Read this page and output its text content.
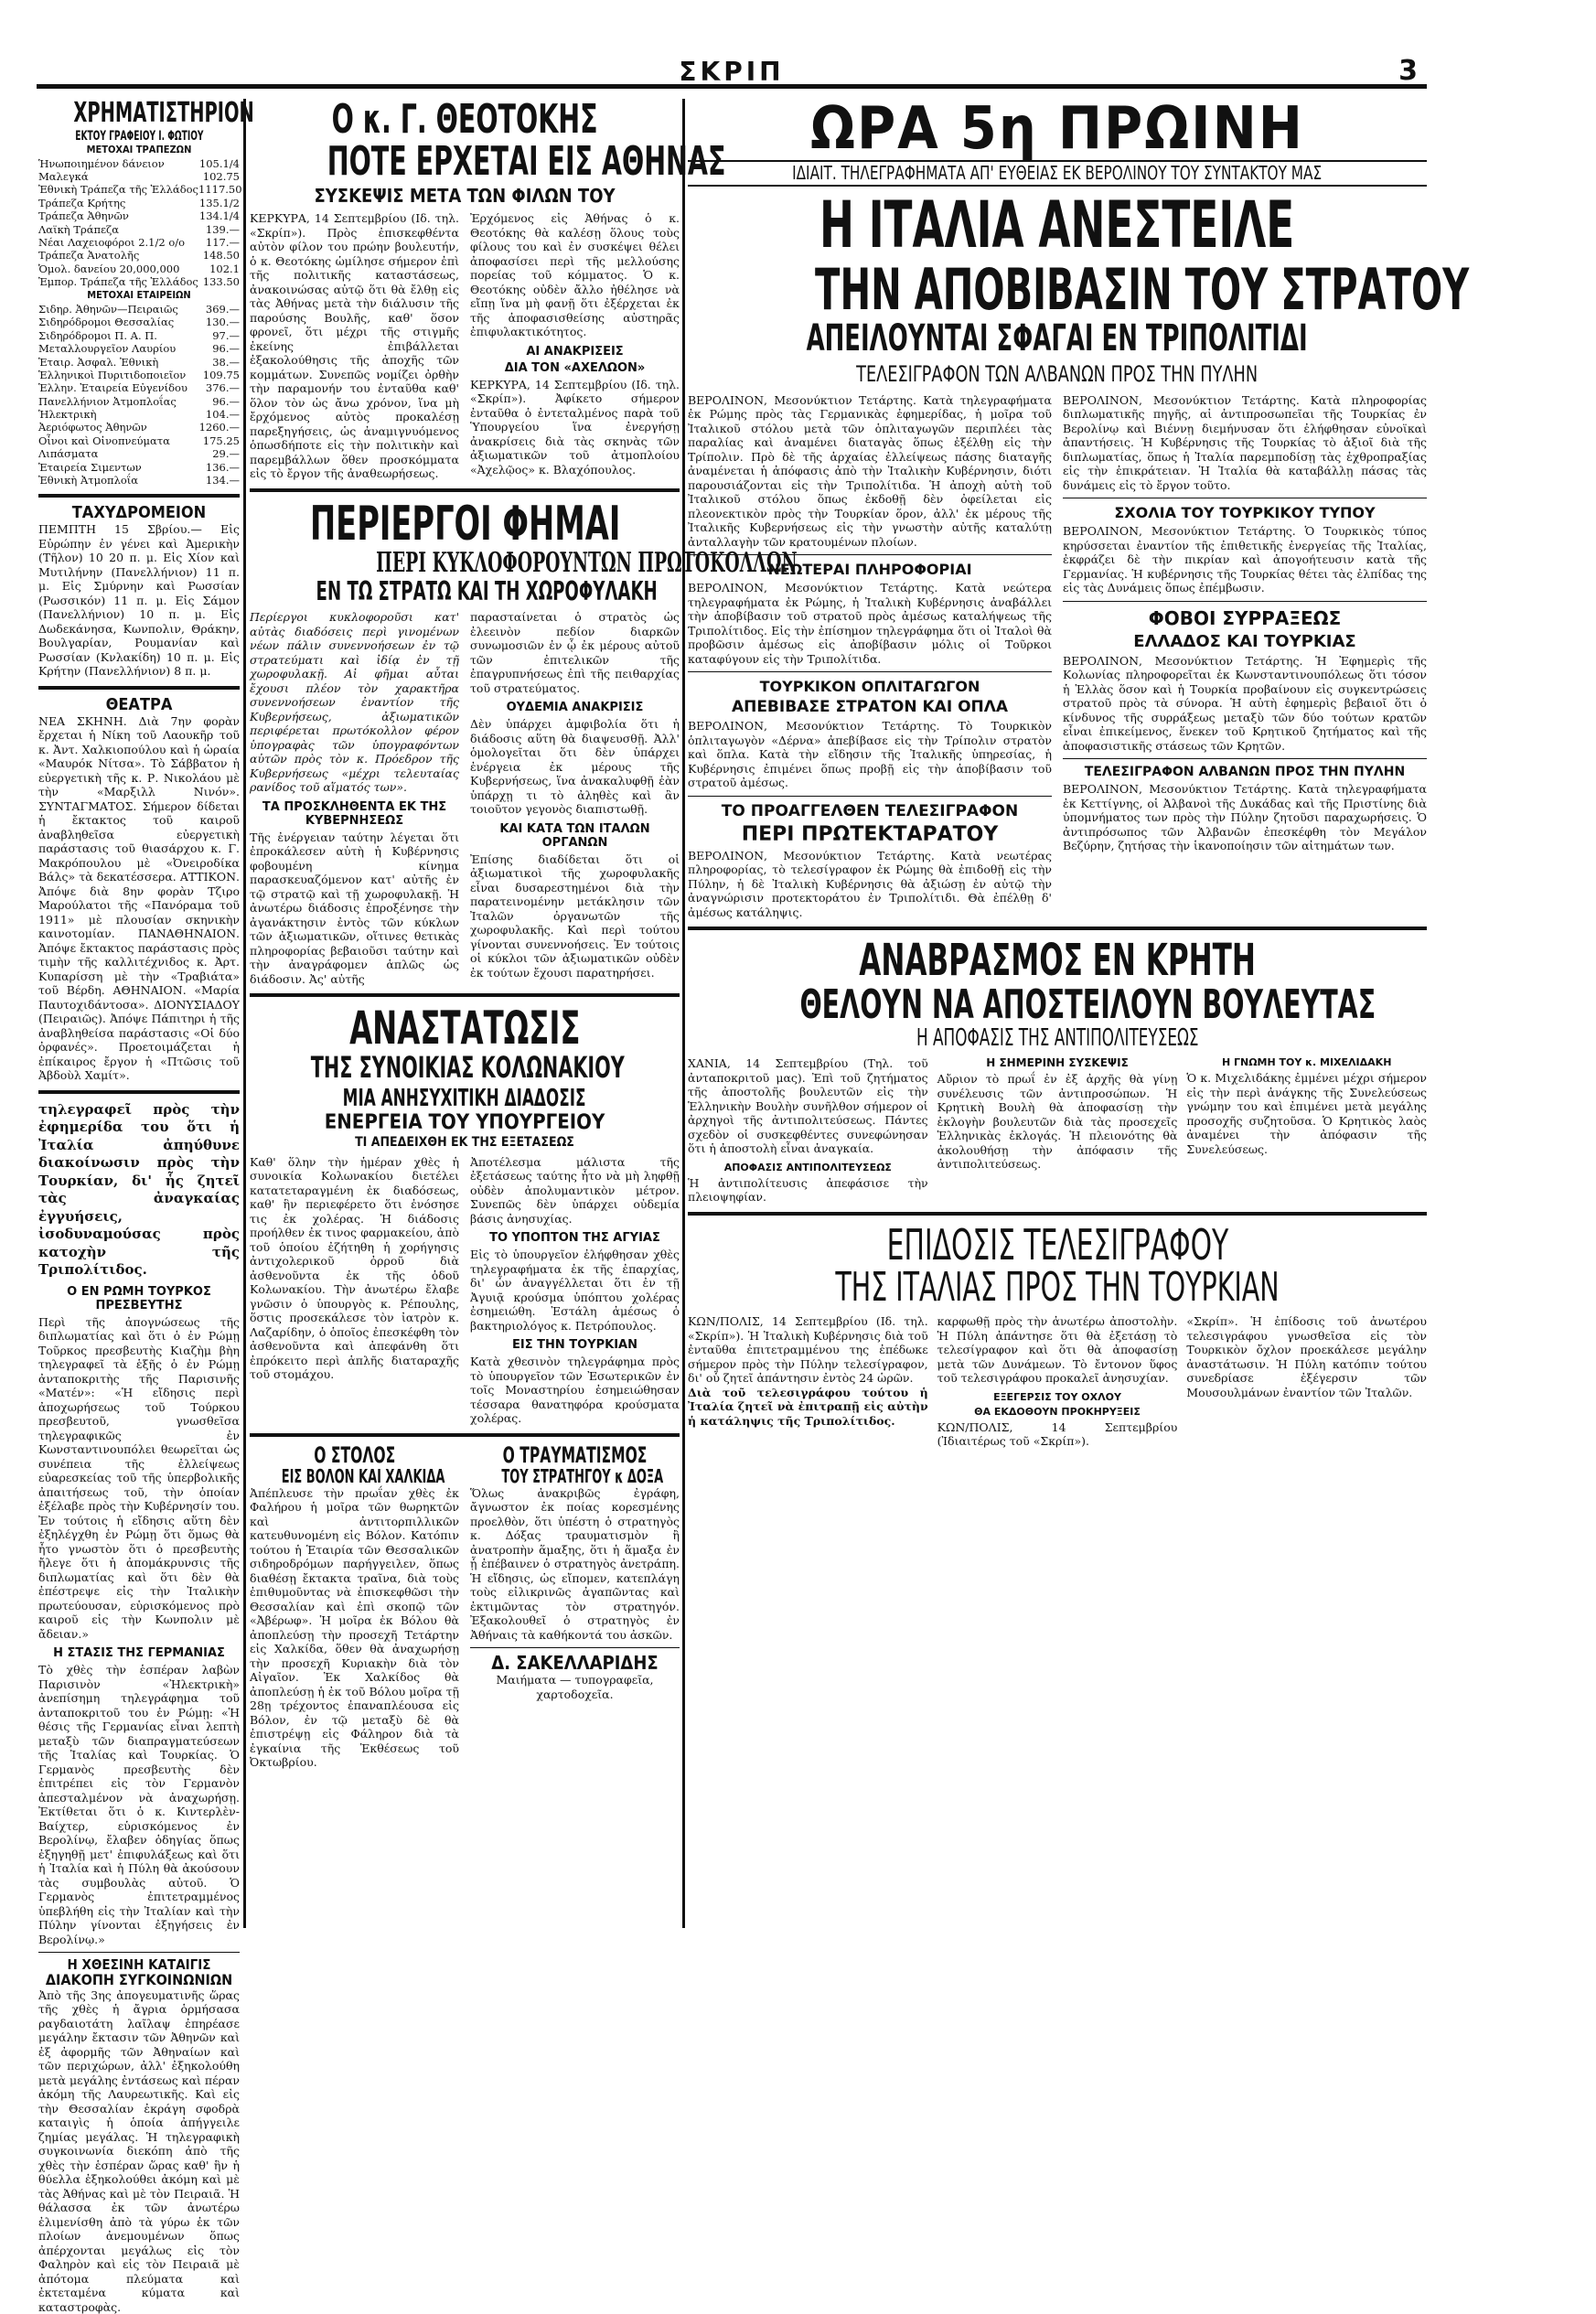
ΣΚΡΙΠ	3
ΧΡΗΜΑΤΙΣΤΗΡΙΟΝ
ΕΚΤΟΥ ΓΡΑΦΕΙΟΥ Ι. ΦΩΤΙΟΥ
ΜΕΤΟΧΑΙ ΤΡΑΠΕΖΩΝ
Ἡνωποιημένον δάνειον	105.1/4
Μαλεγκά	102.75
Ἐθνικὴ Τράπεζα τῆς Ἑλλάδος 1117.50
Τράπεζα Κρήτης	135.1/2
Τράπεζα Ἀθηνῶν	134.1/4
Λαϊκὴ Τράπεζα	139.—
Νέαι Λαχειοφόροι 2.1/2 o/o 117.—
Τράπεζα Ἀνατολῆς	148.50
Ὁμολ. δανείου 20,000,000	102.1
Ἐμπορ. Τράπεζα τῆς Ἑλλάδος 133.50
ΜΕΤΟΧΑΙ ΕΤΑΙΡΕΙΩΝ
Σιδηρ. Ἀθηνῶν—Πειραιῶς	369.—
Σιδηρόδρομοι Θεσσαλίας	130.—
Σιδηρόδρομοι Π. Α. Π.	97.—
Μεταλλουργεῖον Λαυρίου	96.—
Ἑταιρ. Ἀσφαλ. Ἐθνικὴ	38.—
Ἑλληνικοὶ Πυριτιδοποιεῖον 109.75
Ἑλλην. Ἑταιρεία Εὐγενίδου 376.—
Πανελλήνιον Ἀτμοπλοΐας	96.—
Ἡλεκτρικὴ	104.—
Ἀεριόφωτος Ἀθηνῶν	1260.—
Οἶνοι καὶ Οἰνοπνεύματα	175.25
Λιπάσματα	29.—
Ἑταιρεία Σιμεντων	136.—
Ἐθνικὴ Ἀτμοπλοΐα	134.—
ΤΑΧΥΔΡΟΜΕΙΟΝ

ΠΕΜΠΤΗ 15 Σβρίου.— Εἰς Εὐρώπην ἐν γένει καὶ Ἀμερικὴν (Τῆλον) 10 20 π. μ. Εἰς Χίον καὶ Μυτιλήνην (Πανελλήνιον) 11 π. μ. Εἰς Σμύρνην καὶ Ρωσσίαν (Ρωσσικόν) 11 π. μ. Εἰς Σάμον (Πανελλήνιον) 10 π. μ. Εἰς Δωδεκάνησα, Κωνπολιν, Θράκην, Βουλγαρίαν, Ρουμανίαν καὶ Ρωσσίαν (Κνλακίδη) 10 π. μ. Εἰς Κρήτην (Πανελλήνιον) 8 π. μ.

ΘΕΑΤΡΑ

ΝΕΑ ΣΚΗΝΗ. Διὰ 7ην φορὰν ἔρχεται ἡ Νίκη τοῦ Λαουκῆρ τοῦ κ. Ἀντ. Χαλκιοπούλου καὶ ἡ ὡραία «Μαυρόκ Νίτσα». Τὸ Σάββατον ἡ εὐεργετικὴ τῆς κ. Ρ. Νικολάου μὲ τὴν «Μαρξιλλ Νινόν». ΣΥΝΤΑΓΜΑΤΟΣ. Σήμερον δίδεται ἡ ἔκτακτος τοῦ καιροῦ ἀναβληθεῖσα εὐεργετικὴ παράστασις τοῦ θιασάρχου κ. Γ. Μακρόπουλου μὲ «Ὀνειροδίκα Βάλς» τὰ δεκατέσσερα. ΑΤΤΙΚΟΝ. Ἀπόψε διὰ 8ην φορὰν Τζιρο Μαρούλατοι τῆς «Πανόραμα τοῦ 1911» μὲ πλουσίαν σκηνικὴν καινοτομίαν. ΠΑΝΑΘΗΝΑΙΟΝ. Ἀπόψε ἔκτακτος παράστασις πρὸς τιμὴν τῆς καλλιτέχνιδος κ. Ἀρτ. Κυπαρίσση μὲ τὴν «Τραβιάτα» τοῦ Βέρδη. ΑΘΗΝΑΙΟΝ. «Μαρία Παυτοχιδάντοσα». ΔΙΟΝΥΣΙΑΔΟΥ (Πειραιῶς). Ἀπόψε Πάπιτηρι ἡ τῆς ἀναβληθείσα παράστασις «Οἱ δύο ὀρφανές». Προετοιμάζεται ἡ ἐπίκαιρος ἔργον ἡ «Πτῶσις τοῦ Ἀβδοὺλ Χαμίτ».

τηλεγραφεῖ πρὸς τὴν ἐφημερίδα του ὅτι ἡ Ἰταλία ἀπηύθυνε διακοίνωσιν πρὸς τὴν Τουρκίαν, δι' ἧς ζητεῖ τὰς ἀναγκαίας ἐγγυήσεις, ἰσοδυναμούσας πρὸς κατοχὴν τῆς Τριπολίτιδος.

Ο ΕΝ ΡΩΜΗ ΤΟΥΡΚΟΣ ΠΡΕΣΒΕΥΤΗΣ

Περὶ τῆς ἀπογνώσεως τῆς διπλωματίας καὶ ὅτι ὁ ἐν Ρώμῃ Τοῦρκος πρεσβευτὴς Κιαζὴμ βὴη τηλεγραφεῖ τὰ ἑξῆς ὁ ἐν Ρώμῃ ἀνταποκριτὴς τῆς Παρισινῆς «Ματέν»: «Ἡ εἴδησις περὶ ἀποχωρήσεως τοῦ Τούρκου πρεσβευτοῦ, γνωσθεῖσα τηλεγραφικῶς ἐν Κωνσταντινουπόλει θεωρεῖται ὡς συνέπεια τῆς ἐλλείψεως εὐαρεσκείας τοῦ τῆς ὑπερβολικῆς ἀπαιτήσεως τοῦ, τὴν ὁποίαν ἐξέλαβε πρὸς τὴν Κυβέρνησίν του. Ἐν τούτοις ἡ εἴδησις αὕτη δὲν ἐξηλέγχθη ἐν Ρώμῃ ὅτι ὅμως θὰ ἦτο γνωστὸν ὅτι ὁ πρεσβευτὴς ἤλεγε ὅτι ἡ ἀπομάκρυνσις τῆς διπλωματίας καὶ ὅτι δὲν θὰ ἐπέστρεψε εἰς τὴν Ἰταλικὴν πρωτεύουσαν, εὑρισκόμενος πρὸ καιροῦ εἰς τὴν Κωνπολιν μὲ ἄδειαν.»

Η ΣΤΑΣΙΣ ΤΗΣ ΓΕΡΜΑΝΙΑΣ

Τὸ χθὲς τὴν ἑσπέραν λαβὼν Παρισινὸν «Ἠλεκτρικὴ» ἀνεπίσημη τηλεγράφημα τοῦ ἀνταποκριτοῦ του ἐν Ρώμῃ: «Ἡ θέσις τῆς Γερμανίας εἶναι λεπτὴ μεταξὺ τῶν διαπραγματεύσεων τῆς Ἰταλίας καὶ Τουρκίας. Ὁ Γερμανὸς πρεσβευτὴς δὲν ἐπιτρέπει εἰς τὸν Γερμανὸν ἀπεσταλμένον νὰ ἀναχωρήσῃ. Ἐκτίθεται ὅτι ὁ κ. Κιντερλὲν-Βαίχτερ, εὑρισκόμενος ἐν Βερολίνῳ, ἔλαβεν ὁδηγίας ὅπως ἐξηγηθῇ μετ' ἐπιφυλάξεως καὶ ὅτι ἡ Ἰταλία καὶ ἡ Πύλη θὰ ἀκούσουν τὰς συμβουλὰς αὐτοῦ. Ὁ Γερμανὸς ἐπιτετραμμένος ὑπεβλήθη εἰς τὴν Ἰταλίαν καὶ τὴν Πύλην γίνονται ἐξηγήσεις ἐν Βερολίνῳ.»

Η ΧΘΕΣΙΝΗ ΚΑΤΑΙΓΙΣ
ΔΙΑΚΟΠΗ ΣΥΓΚΟΙΝΩΝΙΩΝ

Ἀπὸ τῆς 3ης ἀπογευματινῆς ὥρας τῆς χθὲς ἡ ἄγρια ὁρμήσασα ραγδαιοτάτη λαῖλαψ ἐπηρέασε μεγάλην ἔκτασιν τῶν Ἀθηνῶν καὶ ἐξ ἀφορμῆς τῶν Ἀθηναίων καὶ τῶν περιχώρων, ἀλλ' ἐξηκολούθη μετὰ μεγάλης ἐντάσεως καὶ πέραν ἀκόμη τῆς Λαυρεωτικῆς. Καὶ εἰς τὴν Θεσσαλίαν ἐκράγη σφοδρὰ καταιγὶς ἡ ὁποία ἀπήγγειλε ζημίας μεγάλας. Ἡ τηλεγραφικὴ συγκοινωνία διεκόπη ἀπὸ τῆς χθὲς τὴν ἑσπέραν ὥρας καθ' ἣν ἡ θύελλα ἐξηκολούθει ἀκόμη καὶ μὲ τὰς Ἀθήνας καὶ μὲ τὸν Πειραιᾶ. Ἡ θάλασσα ἐκ τῶν ἀνωτέρω ἐλιμενίσθη ἀπὸ τὰ γύρω ἐκ τῶν πλοίων ἀνεμουμένων ὅπως ἀπέρχονται μεγάλως εἰς τὸν Φαληρὸν καὶ εἰς τὸν Πειραιᾶ μὲ ἀπότομα πλεύματα καὶ ἐκτεταμένα κύματα καὶ καταστροφὰς.

Ο κ. Γ. ΘΕΟΤΟΚΗΣ
ΠΟΤΕ ΕΡΧΕΤΑΙ ΕΙΣ ΑΘΗΝΑΣ
ΣΥΣΚΕΨΙΣ ΜΕΤΑ ΤΩΝ ΦΙΛΩΝ ΤΟΥ

ΚΕΡΚΥΡΑ, 14 Σεπτεμβρίου (Ιδ. τηλ. «Σκρίπ»). Πρὸς ἐπισκεφθέντα αὐτὸν φίλον του πρώην βουλευτήν, ὁ κ. Θεοτόκης ὡμίλησε σήμερον ἐπὶ τῆς πολιτικῆς καταστάσεως, ἀνακοινώσας αὐτῷ ὅτι θὰ ἔλθῃ εἰς τὰς Ἀθήνας μετὰ τὴν διάλυσιν τῆς παρούσης Βουλῆς, καθ' ὅσον φρονεῖ, ὅτι μέχρι τῆς στιγμῆς ἐκείνης ἐπιβάλλεται ἐξακολούθησις τῆς ἀποχῆς τῶν κομμάτων. Συνεπῶς νομίζει ὀρθὴν τὴν παραμονήν του ἐνταῦθα καθ' ὅλον τὸν ὡς ἄνω χρόνον, ἵνα μὴ ἔρχόμενος αὐτὸς προκαλέσῃ παρεξηγήσεις, ὡς ἀναμιγνυόμενος ὁπωσδήποτε εἰς τὴν πολιτικὴν καὶ παρεμβάλλων ὅθεν προσκόμματα εἰς τὸ ἔργον τῆς ἀναθεωρήσεως.

Ἐρχόμενος εἰς Ἀθήνας ὁ κ. Θεοτόκης θὰ καλέσῃ ὅλους τοὺς φίλους του καὶ ἐν συσκέψει θέλει ἀποφασίσει περὶ τῆς μελλούσης πορείας τοῦ κόμματος. Ὁ κ. Θεοτόκης οὐδὲν ἄλλο ἠθέλησε νὰ εἴπῃ ἵνα μὴ φανῇ ὅτι ἐξέρχεται ἐκ τῆς ἀποφασισθείσης αὐστηρᾶς ἐπιφυλακτικότητος.

ΑΙ ΑΝΑΚΡΙΣΕΙΣ
ΔΙΑ ΤΟΝ «ΑΧΕΛΩΟΝ»

ΚΕΡΚΥΡΑ, 14 Σεπτεμβρίου (Ιδ. τηλ. «Σκρίπ»). Ἀφίκετο σήμερον ἐνταῦθα ὁ ἐντεταλμένος παρὰ τοῦ Ὑπουργείου ἵνα ἐνεργήσῃ ἀνακρίσεις διὰ τὰς σκηνὰς τῶν ἀξιωματικῶν τοῦ ἀτμοπλοίου «Ἀχελῷος» κ. Βλαχόπουλος.

ΠΕΡΙΕΡΓΟΙ ΦΗΜΑΙ
ΠΕΡΙ ΚΥΚΛΟΦΟΡΟΥΝΤΩΝ ΠΡΩΤΟΚΟΛΛΩΝ
ΕΝ ΤΩ ΣΤΡΑΤΩ ΚΑΙ ΤΗ ΧΩΡΟΦΥΛΑΚΗ

Περίεργοι κυκλοφοροῦσι κατ' αὐτὰς διαδόσεις περὶ γινομένων νέων πάλιν συνεννοήσεων ἐν τῷ στρατεύματι καὶ ἰδίᾳ ἐν τῇ χωροφυλακῇ. Αἱ φῆμαι αὗται ἔχουσι πλέον τὸν χαρακτῆρα συνεννοήσεων ἐναντίον τῆς Κυβερνήσεως, ἀξιωματικῶν περιφέρεται πρωτόκολλον φέρον ὑπογραφὰς τῶν ὑπογραφόντων αὐτῶν πρὸς τὸν κ. Πρόεδρον τῆς Κυβερνήσεως «μέχρι τελευταίας ρανίδος τοῦ αἵματός των».

ΤΑ ΠΡΟΣΚΛΗΘΕΝΤΑ ΕΚ ΤΗΣ ΚΥΒΕΡΝΗΣΕΩΣ

Τῆς ἐνέργειαν ταύτην λέγεται ὅτι ἐπροκάλεσεν αὐτὴ ἡ Κυβέρνησις φοβουμένη κίνημα παρασκευαζόμενον κατ' αὐτῆς ἐν τῷ στρατῷ καὶ τῇ χωροφυλακῇ. Ἡ ἀνωτέρω διάδοσις ἐπροξένησε τὴν ἀγανάκτησιν ἐντὸς τῶν κύκλων τῶν ἀξιωματικῶν, οἵτινες θετικὰς πληροφορίας βεβαιοῦσι ταύτην καὶ τὴν ἀναγράφομεν ἁπλῶς ὡς διάδοσιν. Ἀς' αὐτῆς

παρασταίνεται ὁ στρατὸς ὡς ἐλεεινὸν πεδίον διαρκῶν συνωμοσιῶν ἐν ᾧ ἐκ μέρους αὐτοῦ τῶν ἐπιτελικῶν τῆς ἐπαγρυπνήσεως ἐπὶ τῆς πειθαρχίας τοῦ στρατεύματος.

ΟΥΔΕΜΙΑ ΑΝΑΚΡΙΣΙΣ

Δὲν ὑπάρχει ἀμφιβολία ὅτι ἡ διάδοσις αὕτη θὰ διαψευσθῇ. Ἀλλ' ὁμολογεῖται ὅτι δὲν ὑπάρχει ἐνέργεια ἐκ μέρους τῆς Κυβερνήσεως, ἵνα ἀνακαλυφθῇ ἐὰν ὑπάρχῃ τι τὸ ἀληθὲς καὶ ἂν τοιοῦτον γεγονὸς διαπιστωθῇ.

ΚΑΙ ΚΑΤΑ ΤΩΝ ΙΤΑΛΩΝ ΟΡΓΑΝΩΝ

Ἐπίσης διαδίδεται ὅτι οἱ ἀξιωματικοὶ τῆς χωροφυλακῆς εἶναι δυσαρεστημένοι διὰ τὴν παρατεινομένην μετάκλησιν τῶν Ἰταλῶν ὀργανωτῶν τῆς χωροφυλακῆς. Καὶ περὶ τούτου γίνονται συνεννοήσεις. Ἐν τούτοις οἱ κύκλοι τῶν ἀξιωματικῶν οὐδὲν ἐκ τούτων ἔχουσι παρατηρήσει.

ΑΝΑΣΤΑΤΩΣΙΣ
ΤΗΣ ΣΥΝΟΙΚΙΑΣ ΚΟΛΩΝΑΚΙΟΥ
ΜΙΑ ΑΝΗΣΥΧΙΤΙΚΗ ΔΙΑΔΟΣΙΣ
ΕΝΕΡΓΕΙΑ ΤΟΥ ΥΠΟΥΡΓΕΙΟΥ
ΤΙ ΑΠΕΔΕΙΧΘΗ ΕΚ ΤΗΣ ΕΞΕΤΑΣΕΩΣ

Καθ' ὅλην τὴν ἡμέραν χθὲς ἡ συνοικία Κολωνακίου διετέλει κατατεταραγμένη ἐκ διαδόσεως, καθ' ἣν περιεφέρετο ὅτι ἐνόσησε τις ἐκ χολέρας. Ἡ διάδοσις προήλθεν ἐκ τινος φαρμακείου, ἀπὸ τοῦ ὁποίου ἐζήτηθη ἡ χορήγησις ἀντιχολερικοῦ ὀρροῦ διὰ ἀσθενοῦντα ἐκ τῆς ὁδοῦ Κολωνακίου. Τὴν ἀνωτέρω ἔλαβε γνῶσιν ὁ ὑπουργὸς κ. Ρέπουλης, ὅστις προσεκάλεσε τὸν ἰατρὸν κ. Λαζαρίδην, ὁ ὁποῖος ἐπεσκέφθη τὸν ἀσθενοῦντα καὶ ἀπεφάνθη ὅτι ἐπρόκειτο περὶ ἁπλῆς διαταραχῆς τοῦ στομάχου.

Ἀποτέλεσμα μάλιστα τῆς ἐξετάσεως ταύτης ἦτο νὰ μὴ ληφθῇ οὐδὲν ἀπολυμαντικὸν μέτρον. Συνεπῶς δὲν ὑπάρχει οὐδεμία βάσις ἀνησυχίας.

ΤΟ ΥΠΟΠΤΟΝ ΤΗΣ ΑΓΥΙΑΣ

Εἰς τὸ ὑπουργεῖον ἐλήφθησαν χθὲς τηλεγραφήματα ἐκ τῆς ἐπαρχίας, δι' ὧν ἀναγγέλλεται ὅτι ἐν τῇ Ἀγυιᾷ κρούσμα ὑπόπτου χολέρας ἐσημειώθη. Ἐστάλη ἀμέσως ὁ βακτηριολόγος κ. Πετρόπουλος.

ΕΙΣ ΤΗΝ ΤΟΥΡΚΙΑΝ

Κατὰ χθεσινὸν τηλεγράφημα πρὸς τὸ ὑπουργεῖον τῶν Ἐσωτερικῶν ἐν τοῖς Μοναστηρίου ἐσημειώθησαν τέσσαρα θανατηφόρα κρούσματα χολέρας.

Ο ΣΤΟΛΟΣ
ΕΙΣ ΒΟΛΟΝ ΚΑΙ ΧΑΛΚΙΔΑ

Ἀπέπλευσε τὴν πρωΐαν χθὲς ἐκ Φαλήρου ἡ μοῖρα τῶν θωρηκτῶν καὶ ἀντιτορπιλλικῶν κατευθυνομένη εἰς Βόλον. Κατόπιν τούτου ἡ Ἑταιρία τῶν Θεσσαλικῶν σιδηροδρόμων παρήγγειλεν, ὅπως διαθέσῃ ἔκτακτα τραῖνα, διὰ τοὺς ἐπιθυμοῦντας νὰ ἐπισκεφθῶσι τὴν Θεσσαλίαν καὶ ἐπὶ σκοπῷ τῶν «Ἀβέρωφ». Ἡ μοῖρα ἐκ Βόλου θὰ ἀποπλεύσῃ τὴν προσεχῆ Τετάρτην εἰς Χαλκίδα, ὅθεν θὰ ἀναχωρήσῃ τὴν προσεχῆ Κυριακὴν διὰ τὸν Αἰγαῖον. Ἐκ Χαλκίδος θὰ ἀποπλεύσῃ ἡ ἐκ τοῦ Βόλου μοῖρα τῇ 28ῃ τρέχοντος ἐπαναπλέουσα εἰς Βόλον, ἐν τῷ μεταξὺ δὲ θὰ ἐπιστρέψῃ εἰς Φάληρον διὰ τὰ ἐγκαίνια τῆς Ἐκθέσεως τοῦ Ὀκτωβρίου.

Ο ΤΡΑΥΜΑΤΙΣΜΟΣ
ΤΟΥ ΣΤΡΑΤΗΓΟΥ κ ΔΟΞΑ

Ὅλως ἀνακριβῶς ἐγράφη, ἄγνωστον ἐκ ποίας κορεσμένης προελθὸν, ὅτι ὑπέστη ὁ στρατηγὸς κ. Δόξας τραυματισμὸν ἢ ἀνατροπὴν ἅμαξης, ὅτι ἡ ἅμαξα ἐν ᾗ ἐπέβαινεν ὁ στρατηγὸς ἀνετράπη. Ἡ εἴδησις, ὡς εἴπομεν, κατεπλάγη τοὺς εἰλικρινῶς ἀγαπῶντας καὶ ἐκτιμῶντας τὸν στρατηγόν. Ἐξακολουθεῖ ὁ στρατηγὸς ἐν Ἀθήναις τὰ καθήκοντά του ἀσκῶν.

Δ. ΣΑΚΕΛΛΑΡΙΔΗΣ
Μαιήματα — τυπογραφεῖα, χαρτοδοχεῖα.
ΩΡΑ 5η ΠΡΩΙΝΗ
ΙΔΙΑΙΤ. ΤΗΛΕΓΡΑΦΗΜΑΤΑ ΑΠ' ΕΥΘΕΙΑΣ ΕΚ ΒΕΡΟΛΙΝΟΥ ΤΟΥ ΣΥΝΤΑΚΤΟΥ ΜΑΣ
Η ΙΤΑΛΙΑ ΑΝΕΣΤΕΙΛΕ
ΤΗΝ ΑΠΟΒΙΒΑΣΙΝ ΤΟΥ ΣΤΡΑΤΟΥ
ΑΠΕΙΛΟΥΝΤΑΙ ΣΦΑΓΑΙ ΕΝ ΤΡΙΠΟΛΙΤΙΔΙ
ΤΕΛΕΣΙΓΡΑΦΟΝ ΤΩΝ ΑΛΒΑΝΩΝ ΠΡΟΣ ΤΗΝ ΠΥΛΗΝ

ΒΕΡΟΛΙΝΟΝ, Μεσονύκτιον Τετάρτης. Κατὰ τηλεγραφήματα ἐκ Ρώμης πρὸς τὰς Γερμανικὰς ἐφημερίδας, ἡ μοῖρα τοῦ Ἰταλικοῦ στόλου μετὰ τῶν ὁπλιταγωγῶν περιπλέει τὰς παραλίας καὶ ἀναμένει διαταγὰς ὅπως ἐξέλθῃ εἰς τὴν Τρίπολιν. Πρὸ δὲ τῆς ἀρχαίας ἐλλείψεως πάσης διαταγῆς ἀναμένεται ἡ ἀπόφασις ἀπὸ τὴν Ἰταλικὴν Κυβέρνησιν, διότι παρουσιάζονται εἰς τὴν Τριπολίτιδα. Ἡ ἀποχὴ αὐτὴ τοῦ Ἰταλικοῦ στόλου ὅπως ἐκδοθῇ δὲν ὀφείλεται εἰς πλεονεκτικὸν πρὸς τὴν Τουρκίαν ὅρον, ἀλλ' ἐκ μέρους τῆς Ἰταλικῆς Κυβερνήσεως εἰς τὴν γνωστὴν αὐτῆς καταλύτῃ ἀνταλλαγὴν τῶν κρατουμένων πλοίων.

ΝΕΩΤΕΡΑΙ ΠΛΗΡΟΦΟΡΙΑΙ

ΒΕΡΟΛΙΝΟΝ, Μεσονύκτιον Τετάρτης. Κατὰ νεώτερα τηλεγραφήματα ἐκ Ρώμης, ἡ Ἰταλικὴ Κυβέρνησις ἀναβάλλει τὴν ἀποβίβασιν τοῦ στρατοῦ πρὸς ἀμέσως καταλήψεως τῆς Τριπολίτιδος. Εἰς τὴν ἐπίσημον τηλεγράφημα ὅτι οἱ Ἰταλοὶ θὰ προβῶσιν ἀμέσως εἰς ἀποβίβασιν μόλις οἱ Τοῦρκοι καταφύγουν εἰς τὴν Τριπολίτιδα.

ΤΟΥΡΚΙΚΟΝ ΟΠΛΙΤΑΓΩΓΟΝ
ΑΠΕΒΙΒΑΣΕ ΣΤΡΑΤΟΝ ΚΑΙ ΟΠΛΑ

ΒΕΡΟΛΙΝΟΝ, Μεσονύκτιον Τετάρτης. Τὸ Τουρκικὸν ὁπλιταγωγὸν «Δέρνα» ἀπεβίβασε εἰς τὴν Τρίπολιν στρατὸν καὶ ὅπλα. Κατὰ τὴν εἴδησιν τῆς Ἰταλικῆς ὑπηρεσίας, ἡ Κυβέρνησις ἐπιμένει ὅπως προβῇ εἰς τὴν ἀποβίβασιν τοῦ στρατοῦ ἀμέσως.

ΤΟ ΠΡΟΑΓΓΕΛΘΕΝ ΤΕΛΕΣΙΓΡΑΦΟΝ
ΠΕΡΙ ΠΡΩΤΕΚΤΑΡΑΤΟΥ

ΒΕΡΟΛΙΝΟΝ, Μεσονύκτιον Τετάρτης. Κατὰ νεωτέρας πληροφορίας, τὸ τελεσίγραφον ἐκ Ρώμης θὰ ἐπιδοθῇ εἰς τὴν Πύλην, ἡ δὲ Ἰταλικὴ Κυβέρνησις θὰ ἀξιώσῃ ἐν αὐτῷ τὴν ἀναγνώρισιν προτεκτοράτου ἐν Τριπολίτιδι. Θὰ ἐπέλθῃ δ' ἀμέσως κατάληψις.

ΒΕΡΟΛΙΝΟΝ, Μεσονύκτιον Τετάρτης. Κατὰ πληροφορίας διπλωματικῆς πηγῆς, αἱ ἀντιπροσωπεῖαι τῆς Τουρκίας ἐν Βερολίνῳ καὶ Βιέννῃ διεμήνυσαν ὅτι ἐλήφθησαν εὐνοϊκαὶ ἀπαντήσεις. Ἡ Κυβέρνησις τῆς Τουρκίας τὸ ἀξιοῖ διὰ τῆς διπλωματίας, ὅπως ἡ Ἰταλία παρεμποδίσῃ τὰς ἐχθροπραξίας εἰς τὴν ἐπικράτειαν. Ἡ Ἰταλία θὰ καταβάλλῃ πάσας τὰς δυνάμεις εἰς τὸ ἔργον τοῦτο.

ΣΧΟΛΙΑ ΤΟΥ ΤΟΥΡΚΙΚΟΥ ΤΥΠΟΥ

ΒΕΡΟΛΙΝΟΝ, Μεσονύκτιον Τετάρτης. Ὁ Τουρκικὸς τύπος κηρύσσεται ἐναντίον τῆς ἐπιθετικῆς ἐνεργείας τῆς Ἰταλίας, ἐκφράζει δὲ τὴν πικρίαν καὶ ἀπογοήτευσιν κατὰ τῆς Γερμανίας. Ἡ κυβέρνησις τῆς Τουρκίας θέτει τὰς ἐλπίδας της εἰς τὰς Δυνάμεις ὅπως ἐπέμβωσιν.

ΦΟΒΟΙ ΣΥΡΡΑΞΕΩΣ
ΕΛΛΑΔΟΣ ΚΑΙ ΤΟΥΡΚΙΑΣ

ΒΕΡΟΛΙΝΟΝ, Μεσονύκτιον Τετάρτης. Ἡ Ἐφημερὶς τῆς Κολωνίας πληροφορεῖται ἐκ Κωνσταντινουπόλεως ὅτι τόσον ἡ Ἑλλὰς ὅσον καὶ ἡ Τουρκία προβαίνουν εἰς συγκεντρώσεις στρατοῦ πρὸς τὰ σύνορα. Ἡ αὐτὴ ἐφημερὶς βεβαιοῖ ὅτι ὁ κίνδυνος τῆς συρράξεως μεταξὺ τῶν δύο τούτων κρατῶν εἶναι ἐπικείμενος, ἕνεκεν τοῦ Κρητικοῦ ζητήματος καὶ τῆς ἀποφασιστικῆς στάσεως τῶν Κρητῶν.

ΤΕΛΕΣΙΓΡΑΦΟΝ ΑΛΒΑΝΩΝ ΠΡΟΣ ΤΗΝ ΠΥΛΗΝ

ΒΕΡΟΛΙΝΟΝ, Μεσονύκτιον Τετάρτης. Κατὰ τηλεγραφήματα ἐκ Κεττίγνης, οἱ Ἀλβανοὶ τῆς Δυκάδας καὶ τῆς Πριστίνης διὰ ὑπομνήματος των πρὸς τὴν Πύλην ζητοῦσι παραχωρήσεις. Ὁ ἀντιπρόσωπος τῶν Ἀλβανῶν ἐπεσκέφθη τὸν Μεγάλον Βεζύρην, ζητήσας τὴν ἱκανοποίησιν τῶν αἰτημάτων των.

ΑΝΑΒΡΑΣΜΟΣ ΕΝ ΚΡΗΤΗ
ΘΕΛΟΥΝ ΝΑ ΑΠΟΣΤΕΙΛΟΥΝ ΒΟΥΛΕΥΤΑΣ
Η ΑΠΟΦΑΣΙΣ ΤΗΣ ΑΝΤΙΠΟΛΙΤΕΥΣΕΩΣ

ΧΑΝΙΑ, 14 Σεπτεμβρίου (Τηλ. τοῦ ἀνταποκριτοῦ μας). Ἐπὶ τοῦ ζητήματος τῆς ἀποστολῆς βουλευτῶν εἰς τὴν Ἑλληνικὴν Βουλὴν συνῆλθον σήμερον οἱ ἀρχηγοὶ τῆς ἀντιπολιτεύσεως. Πάντες σχεδὸν οἱ συσκεφθέντες συνεφώνησαν ὅτι ἡ ἀποστολὴ εἶναι ἀναγκαία.

ΑΠΟΦΑΣΙΣ ΑΝΤΙΠΟΛΙΤΕΥΣΕΩΣ

Ἡ ἀντιπολίτευσις ἀπεφάσισε τὴν πλειοψηφίαν.

Η ΣΗΜΕΡΙΝΗ ΣΥΣΚΕΨΙΣ

Αὔριον τὸ πρωΐ ἐν ἐξ ἀρχῆς θὰ γίνῃ συνέλευσις τῶν ἀντιπροσώπων. Ἡ Κρητικὴ Βουλὴ θὰ ἀποφασίσῃ τὴν ἐκλογὴν βουλευτῶν διὰ τὰς προσεχεῖς Ἑλληνικὰς ἐκλογάς. Ἡ πλειονότης θὰ ἀκολουθήσῃ τὴν ἀπόφασιν τῆς ἀντιπολιτεύσεως.

Η ΓΝΩΜΗ ΤΟΥ κ. ΜΙΧΕΛΙΔΑΚΗ

Ὁ κ. Μιχελιδάκης ἐμμένει μέχρι σήμερον εἰς τὴν περὶ ἀνάγκης τῆς Συνελεύσεως γνώμην του καὶ ἐπιμένει μετὰ μεγάλης προσοχῆς συζητοῦσα. Ὁ Κρητικὸς λαὸς ἀναμένει τὴν ἀπόφασιν τῆς Συνελεύσεως.

ΕΠΙΔΟΣΙΣ ΤΕΛΕΣΙΓΡΑΦΟΥ
ΤΗΣ ΙΤΑΛΙΑΣ ΠΡΟΣ ΤΗΝ ΤΟΥΡΚΙΑΝ

ΚΩΝ/ΠΟΛΙΣ, 14 Σεπτεμβρίου (Ιδ. τηλ. «Σκρίπ»). Ἡ Ἰταλικὴ Κυβέρνησις διὰ τοῦ ἐνταῦθα ἐπιτετραμμένου της ἐπέδωκε σήμερον πρὸς τὴν Πύλην τελεσίγραφον, δι' οὗ ζητεῖ ἀπάντησιν ἐντὸς 24 ὡρῶν.

Διὰ τοῦ τελεσιγράφου τούτου ἡ Ἰταλία ζητεῖ νὰ ἐπιτραπῇ εἰς αὐτὴν ἡ κατάληψις τῆς Τριπολίτιδος.

καρφωθῇ πρὸς τὴν ἀνωτέρω ἀποστολὴν. Ἡ Πύλη ἀπάντησε ὅτι θὰ ἐξετάσῃ τὸ τελεσίγραφον καὶ ὅτι θὰ ἀποφασίσῃ μετὰ τῶν Δυνάμεων. Τὸ ἔντονον ὕφος τοῦ τελεσιγράφου προκαλεῖ ἀνησυχίαν.

ΕΞΕΓΕΡΣΙΣ ΤΟΥ ΟΧΛΟΥ
ΘΑ ΕΚΔΟΘΟΥΝ ΠΡΟΚΗΡΥΞΕΙΣ

ΚΩΝ/ΠΟΛΙΣ, 14 Σεπτεμβρίου (Ἰδιαιτέρως τοῦ «Σκρίπ»).

«Σκρίπ». Ἡ ἐπίδοσις τοῦ ἀνωτέρου τελεσιγράφου γνωσθεῖσα εἰς τὸν Τουρκικὸν ὄχλον προεκάλεσε μεγάλην ἀναστάτωσιν. Ἡ Πύλη κατόπιν τούτου συνεδρίασε ἐξέγερσιν τῶν Μουσουλμάνων ἐναντίον τῶν Ἰταλῶν.
